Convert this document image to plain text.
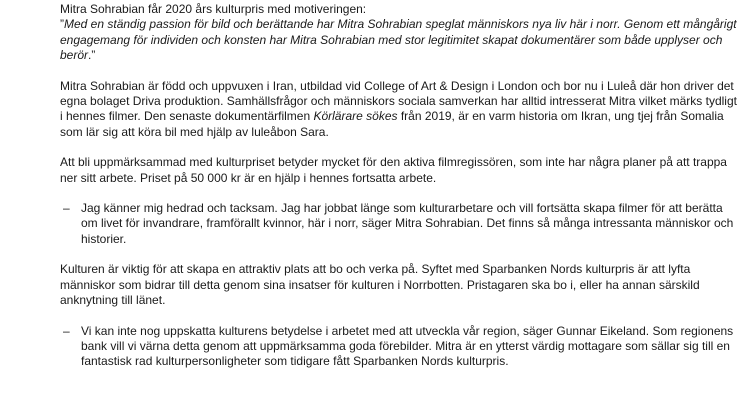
Mitra Sohrabian får 2020 års kulturpris med motiveringen:

”Med en ständig passion för bild och berättande har Mitra Sohrabian speglat människors nya liv här i norr. Genom ett mångårigt engagemang för individen och konsten har Mitra Sohrabian med stor legitimitet skapat dokumentärer som både upplyser och berör.”

Mitra Sohrabian är född och uppvuxen i Iran, utbildad vid College of Art & Design i London och bor nu i Luleå där hon driver det egna bolaget Driva produktion. Samhällsfrågor och människors sociala samverkan har alltid intresserat Mitra vilket märks tydligt i hennes filmer. Den senaste dokumentärfilmen Körlärare sökes från 2019, är en varm historia om Ikran, ung tjej från Somalia som lär sig att köra bil med hjälp av luleåbon Sara.

Att bli uppmärksammad med kulturpriset betyder mycket för den aktiva filmregissören, som inte har några planer på att trappa ner sitt arbete. Priset på 50 000 kr är en hjälp i hennes fortsatta arbete.

– Jag känner mig hedrad och tacksam. Jag har jobbat länge som kulturarbetare och vill fortsätta skapa filmer för att berätta om livet för invandrare, framförallt kvinnor, här i norr, säger Mitra Sohrabian. Det finns så många intressanta människor och historier.

Kulturen är viktig för att skapa en attraktiv plats att bo och verka på. Syftet med Sparbanken Nords kulturpris är att lyfta människor som bidrar till detta genom sina insatser för kulturen i Norrbotten. Pristagaren ska bo i, eller ha annan särskild anknytning till länet.

– Vi kan inte nog uppskatta kulturens betydelse i arbetet med att utveckla vår region, säger Gunnar Eikeland. Som regionens bank vill vi värna detta genom att uppmärksamma goda förebilder. Mitra är en ytterst värdig mottagare som sällar sig till en fantastisk rad kulturpersonligheter som tidigare fått Sparbanken Nords kulturpris.
